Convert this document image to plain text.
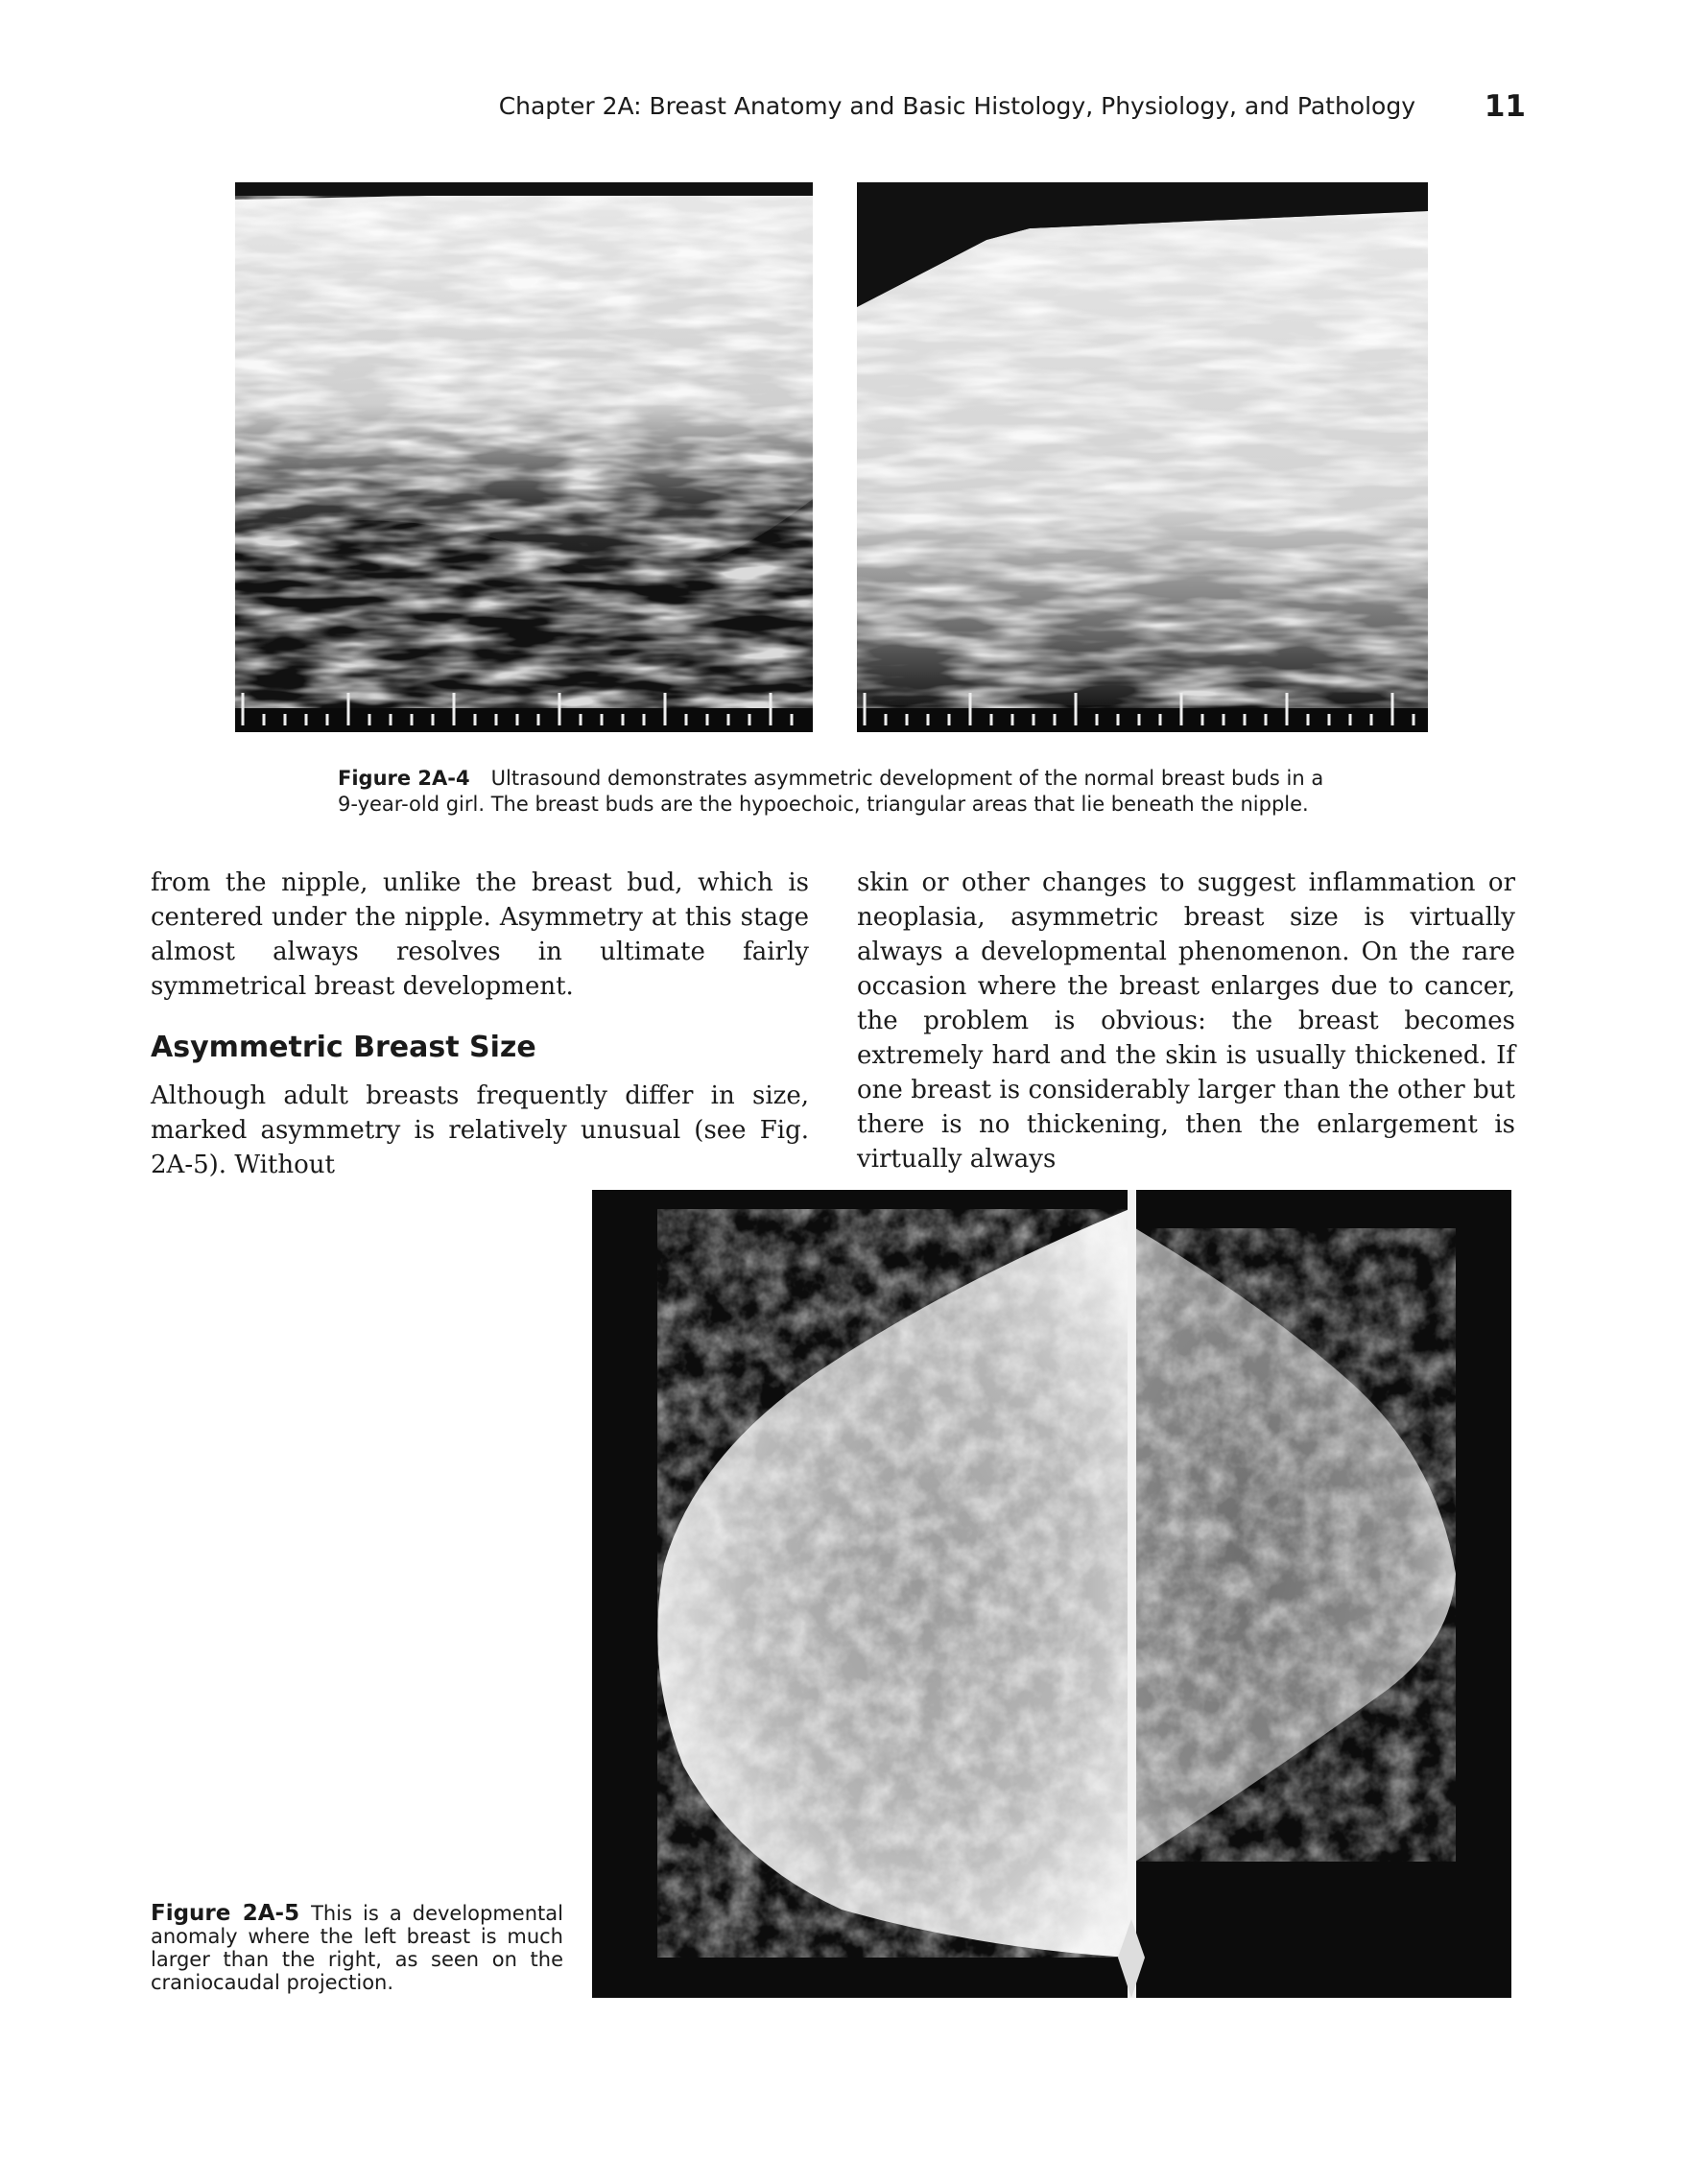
Chapter 2A: Breast Anatomy and Basic Histology, Physiology, and Pathology	11
Figure 2A-4 Ultrasound demonstrates asymmetric development of the normal breast buds in a
9-year-old girl. The breast buds are the hypoechoic, triangular areas that lie beneath the nipple.

from the nipple, unlike the breast bud, which is centered under the nipple. Asymmetry at this stage almost always resolves in ultimate fairly symmetrical breast development.

Asymmetric Breast Size

Although adult breasts frequently differ in size, marked asymmetry is relatively unusual (see Fig. 2A-5). Without

skin or other changes to suggest inflammation or neoplasia, asymmetric breast size is virtually always a developmental phenomenon. On the rare occasion where the breast enlarges due to cancer, the problem is obvious: the breast becomes extremely hard and the skin is usually thickened. If one breast is considerably larger than the other but there is no thickening, then the enlargement is virtually always

Figure 2A-5 This is a developmental anomaly where the left breast is much larger than the right, as seen on the craniocaudal projection.
